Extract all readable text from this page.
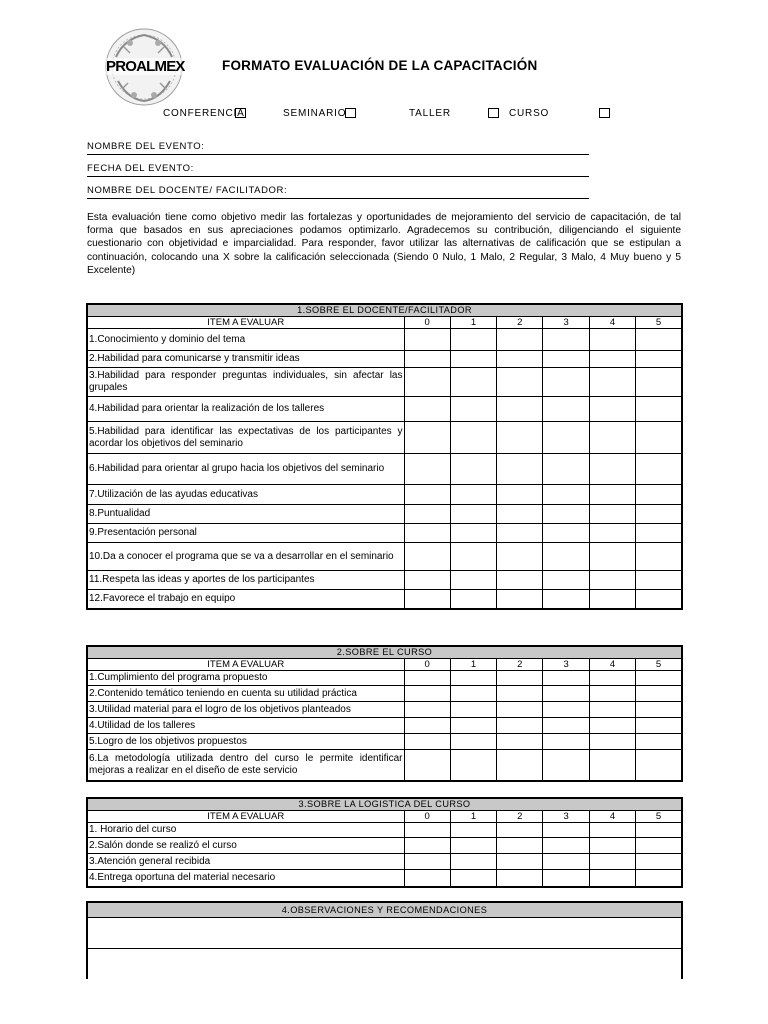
PROALMEX	FORMATO EVALUACIÓN DE LA CAPACITACIÓN
CONFERENCIA	SEMINARIO	TALLER	CURSO
NOMBRE DEL EVENTO:
FECHA DEL EVENTO:
NOMBRE DEL DOCENTE/ FACILITADOR:
Esta evaluación tiene como objetivo medir las fortalezas y oportunidades de mejoramiento del servicio de capacitación, de tal forma que basados en sus apreciaciones podamos optimizarlo. Agradecemos su contribución, diligenciando el siguiente cuestionario con objetividad e imparcialidad. Para responder, favor utilizar las alternativas de calificación que se estipulan a continuación, colocando una X sobre la calificación seleccionada (Siendo 0 Nulo, 1 Malo, 2 Regular, 3 Malo, 4 Muy bueno y 5 Excelente)
1.SOBRE EL DOCENTE/FACILITADOR						
ITEM A EVALUAR	0	1	2	3	4	5
1.Conocimiento y dominio del tema						
2.Habilidad para comunicarse y transmitir ideas						
3.Habilidad para responder preguntas individuales, sin afectar las grupales						
4.Habilidad para orientar la realización de los talleres						
5.Habilidad para identificar las expectativas de los participantes y acordar los objetivos del seminario						
6.Habilidad para orientar al grupo hacia los objetivos del seminario						
7.Utilización de las ayudas educativas						
8.Puntualidad						
9.Presentación personal						
10.Da a conocer el programa que se va a desarrollar en el seminario						
11.Respeta las ideas y aportes de los participantes						
12.Favorece el trabajo en equipo						
2.SOBRE EL CURSO						
ITEM A EVALUAR	0	1	2	3	4	5
1.Cumplimiento del programa propuesto						
2.Contenido temático teniendo en cuenta su utilidad práctica						
3.Utilidad material para el logro de los objetivos planteados						
4.Utilidad de los talleres						
5.Logro de los objetivos propuestos						
6.La metodología utilizada dentro del curso le permite identificar mejoras a realizar en el diseño de este servicio						
3.SOBRE LA LOGISTICA DEL CURSO						
ITEM A EVALUAR	0	1	2	3	4	5
1. Horario del curso						
2.Salón donde se realizó el curso						
3.Atención general recibida						
4.Entrega oportuna del material necesario						
4.OBSERVACIONES Y RECOMENDACIONES
